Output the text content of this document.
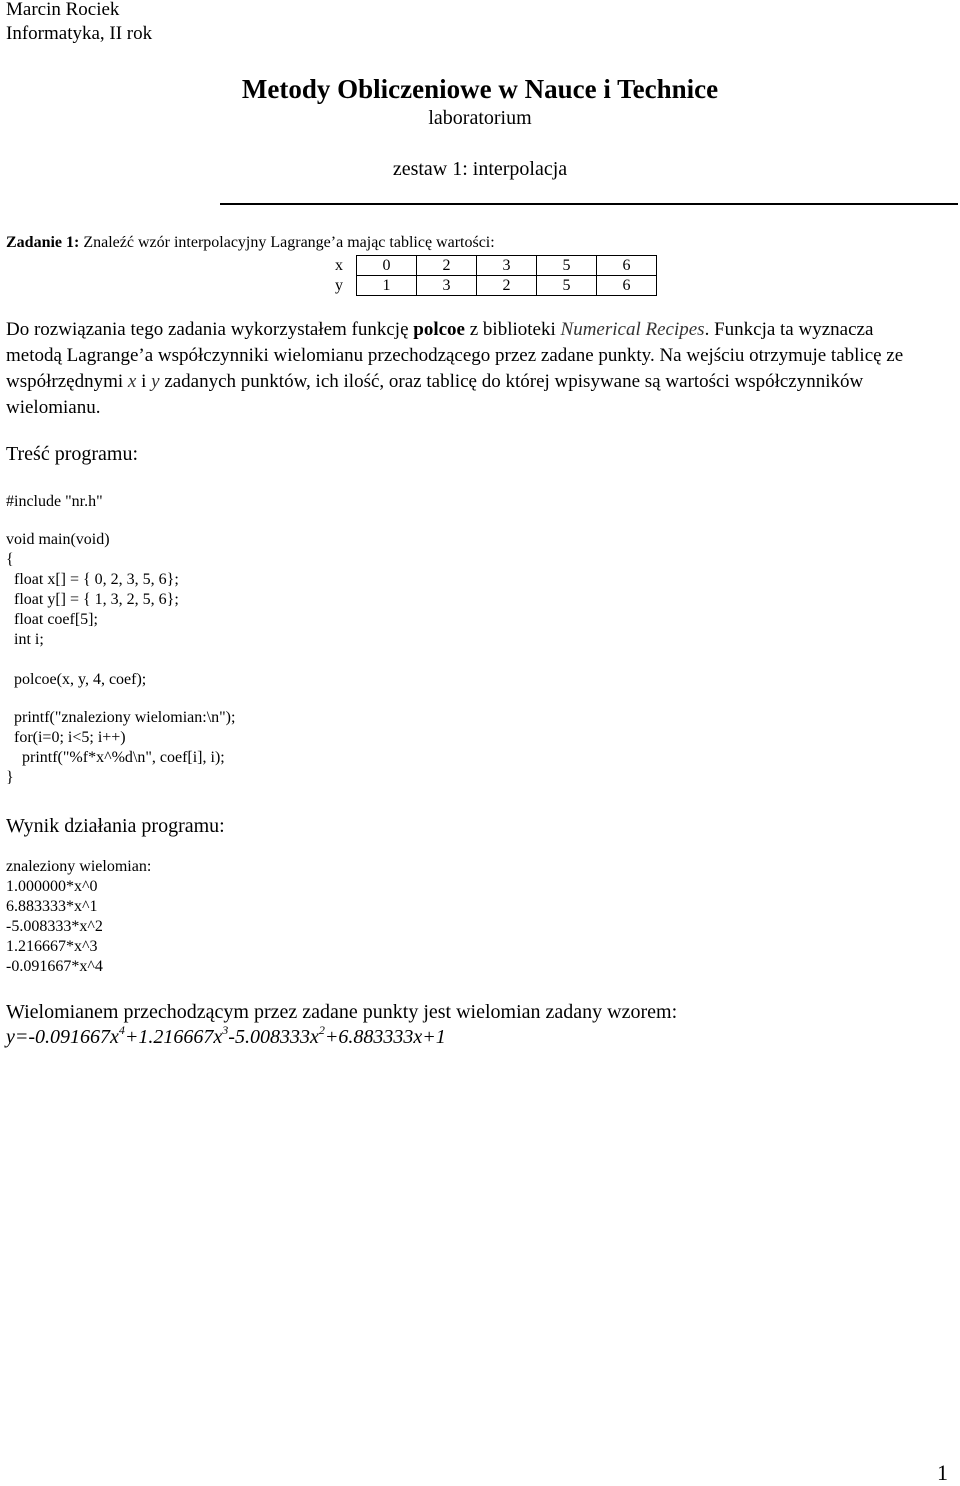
Marcin Rociek
Informatyka, II rok
Metody Obliczeniowe w Nauce i Technice
laboratorium
zestaw 1: interpolacja
Zadanie 1: Znaleźć wzór interpolacyjny Lagrange’a mając tablicę wartości:
x	0	2	3	5	6
y	1	3	2	5	6
Do rozwiązania tego zadania wykorzystałem funkcję polcoe z biblioteki Numerical Recipes. Funkcja ta wyznacza metodą Lagrange’a współczynniki wielomianu przechodzącego przez zadane punkty. Na wejściu otrzymuje tablicę ze współrzędnymi x i y zadanych punktów, ich ilość, oraz tablicę do której wpisywane są wartości współczynników wielomianu.
Treść programu:
#include "nr.h"
void main(void)
{
float x[] = { 0, 2, 3, 5, 6};
float y[] = { 1, 3, 2, 5, 6};
float coef[5];
int i;
polcoe(x, y, 4, coef);
printf("znaleziony wielomian:\n");
for(i=0; i<5; i++)
printf("%f*x^%d\n", coef[i], i);
}
Wynik działania programu:
znaleziony wielomian:
1.000000*x^0
6.883333*x^1
-5.008333*x^2
1.216667*x^3
-0.091667*x^4
Wielomianem przechodzącym przez zadane punkty jest wielomian zadany wzorem:
$y=-0.091667x^4+1.216667x^3-5.008333x^2+6.883333x+1$
1
